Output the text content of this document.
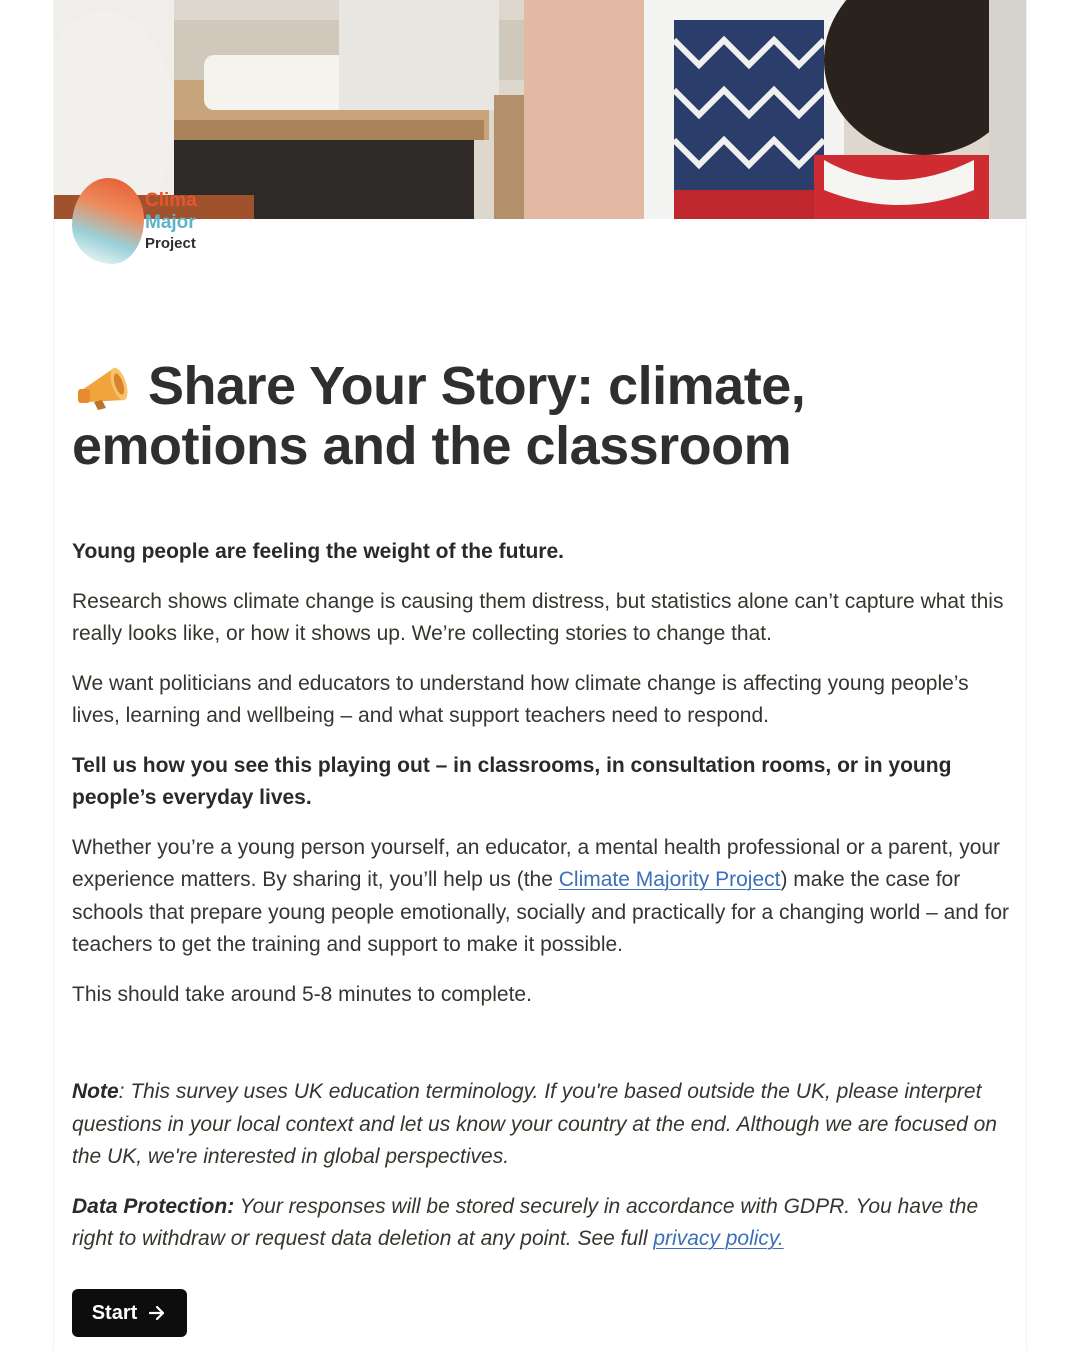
Clima
Major
Project
Share Your Story: climate, emotions and the classroom

Young people are feeling the weight of the future.

Research shows climate change is causing them distress, but statistics alone can’t capture what this really looks like, or how it shows up. We’re collecting stories to change that.

We want politicians and educators to understand how climate change is affecting young people’s lives, learning and wellbeing – and what support teachers need to respond.

Tell us how you see this playing out – in classrooms, in consultation rooms, or in young people’s everyday lives.

Whether you’re a young person yourself, an educator, a mental health professional or a parent, your experience matters. By sharing it, you’ll help us (the Climate Majority Project) make the case for schools that prepare young people emotionally, socially and practically for a changing world – and for teachers to get the training and support to make it possible.

This should take around 5-8 minutes to complete.

Note: This survey uses UK education terminology. If you're based outside the UK, please interpret questions in your local context and let us know your country at the end. Although we are focused on the UK, we're interested in global perspectives.

Data Protection: Your responses will be stored securely in accordance with GDPR. You have the right to withdraw or request data deletion at any point. See full privacy policy.

Start
